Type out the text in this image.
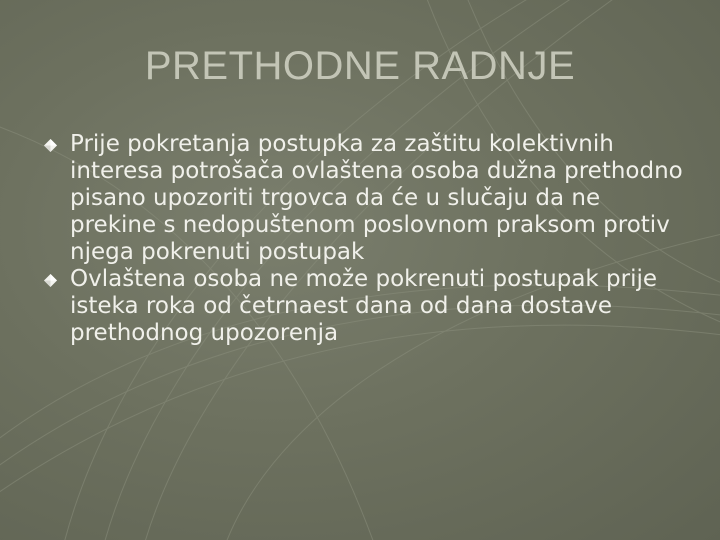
PRETHODNE RADNJE
Prije pokretanja postupka za zaštitu kolektivnih interesa potrošača ovlaštena osoba dužna prethodno pisano upozoriti trgovca da će u slučaju da ne prekine s nedopuštenom poslovnom praksom protiv njega pokrenuti postupak
Ovlaštena osoba ne može pokrenuti postupak prije isteka roka od četrnaest dana od dana dostave prethodnog upozorenja
